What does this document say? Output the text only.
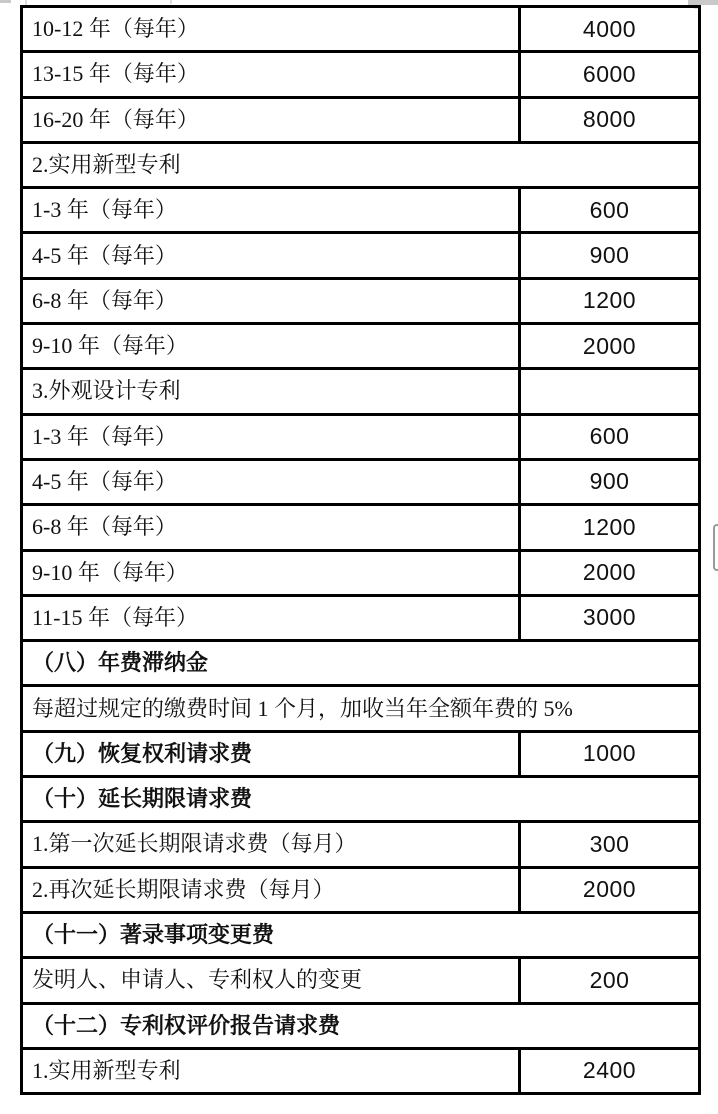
10-12 年（每年）	4000
13-15 年（每年）	6000
16-20 年（每年）	8000
2.实用新型专利	
1-3 年（每年）	600
4-5 年（每年）	900
6-8 年（每年）	1200
9-10 年（每年）	2000
3.外观设计专利	
1-3 年（每年）	600
4-5 年（每年）	900
6-8 年（每年）	1200
9-10 年（每年）	2000
11-15 年（每年）	3000
（八）年费滞纳金	
每超过规定的缴费时间 1 个月，加收当年全额年费的 5%	
（九）恢复权利请求费	1000
（十）延长期限请求费	
1.第一次延长期限请求费（每月）	300
2.再次延长期限请求费（每月）	2000
（十一）著录事项变更费	
发明人、申请人、专利权人的变更	200
（十二）专利权评价报告请求费	
1.实用新型专利	2400
